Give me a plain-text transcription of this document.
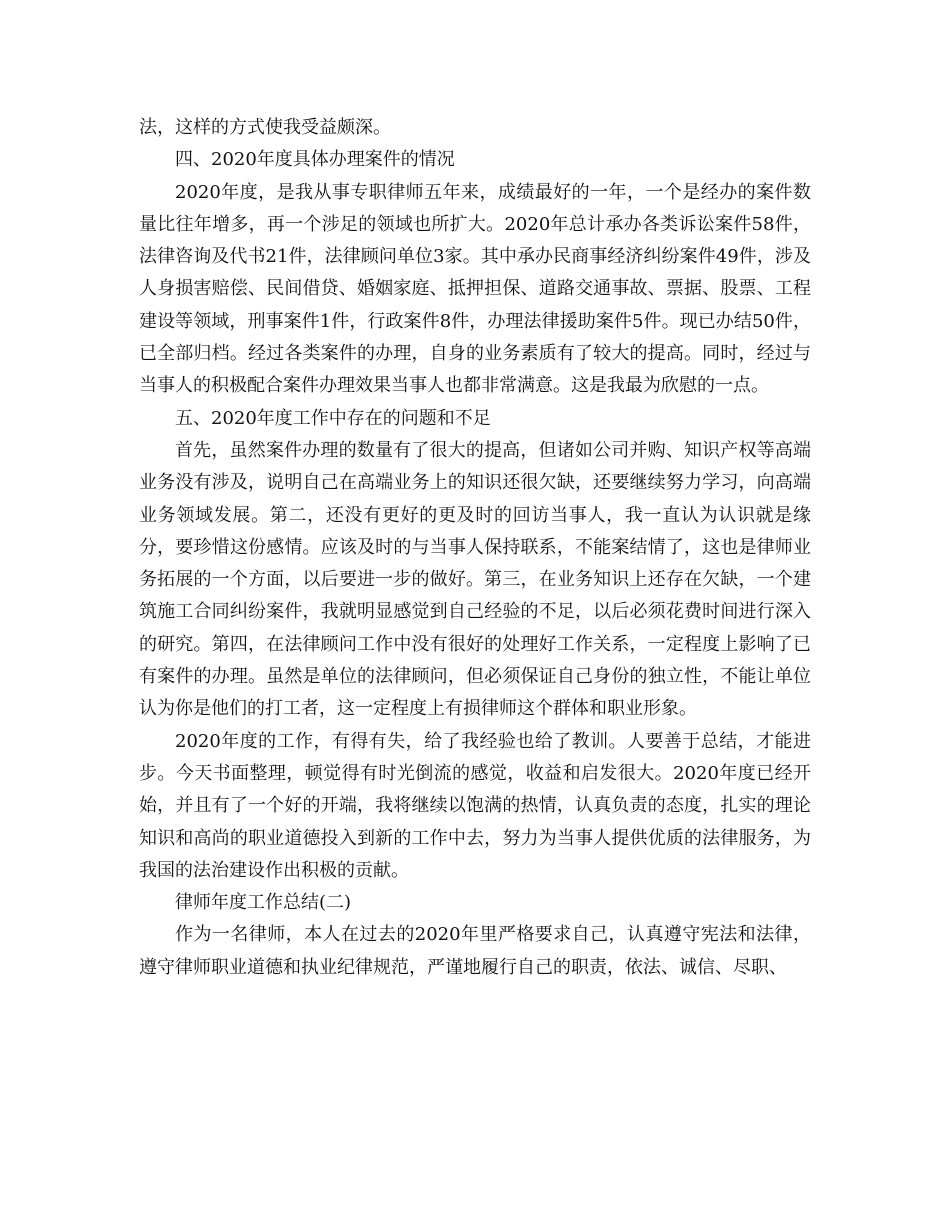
法，这样的方式使我受益颇深。

四、2020年度具体办理案件的情况

2020年度，是我从事专职律师五年来，成绩最好的一年，一个是经办的案件数量比往年增多，再一个涉足的领域也所扩大。2020年总计承办各类诉讼案件58件，法律咨询及代书21件，法律顾问单位3家。其中承办民商事经济纠纷案件49件，涉及人身损害赔偿、民间借贷、婚姻家庭、抵押担保、道路交通事故、票据、股票、工程建设等领域，刑事案件1件，行政案件8件，办理法律援助案件5件。现已办结50件，已全部归档。经过各类案件的办理，自身的业务素质有了较大的提高。同时，经过与当事人的积极配合案件办理效果当事人也都非常满意。这是我最为欣慰的一点。

五、2020年度工作中存在的问题和不足

首先，虽然案件办理的数量有了很大的提高，但诸如公司并购、知识产权等高端业务没有涉及，说明自己在高端业务上的知识还很欠缺，还要继续努力学习，向高端业务领域发展。第二，还没有更好的更及时的回访当事人，我一直认为认识就是缘分，要珍惜这份感情。应该及时的与当事人保持联系，不能案结情了，这也是律师业务拓展的一个方面，以后要进一步的做好。第三，在业务知识上还存在欠缺，一个建筑施工合同纠纷案件，我就明显感觉到自己经验的不足，以后必须花费时间进行深入的研究。第四，在法律顾问工作中没有很好的处理好工作关系，一定程度上影响了已有案件的办理。虽然是单位的法律顾问，但必须保证自己身份的独立性，不能让单位认为你是他们的打工者，这一定程度上有损律师这个群体和职业形象。

2020年度的工作，有得有失，给了我经验也给了教训。人要善于总结，才能进步。今天书面整理，顿觉得有时光倒流的感觉，收益和启发很大。2020年度已经开始，并且有了一个好的开端，我将继续以饱满的热情，认真负责的态度，扎实的理论知识和高尚的职业道德投入到新的工作中去，努力为当事人提供优质的法律服务，为我国的法治建设作出积极的贡献。

律师年度工作总结(二)

作为一名律师，本人在过去的2020年里严格要求自己，认真遵守宪法和法律，遵守律师职业道德和执业纪律规范，严谨地履行自己的职责，依法、诚信、尽职、
